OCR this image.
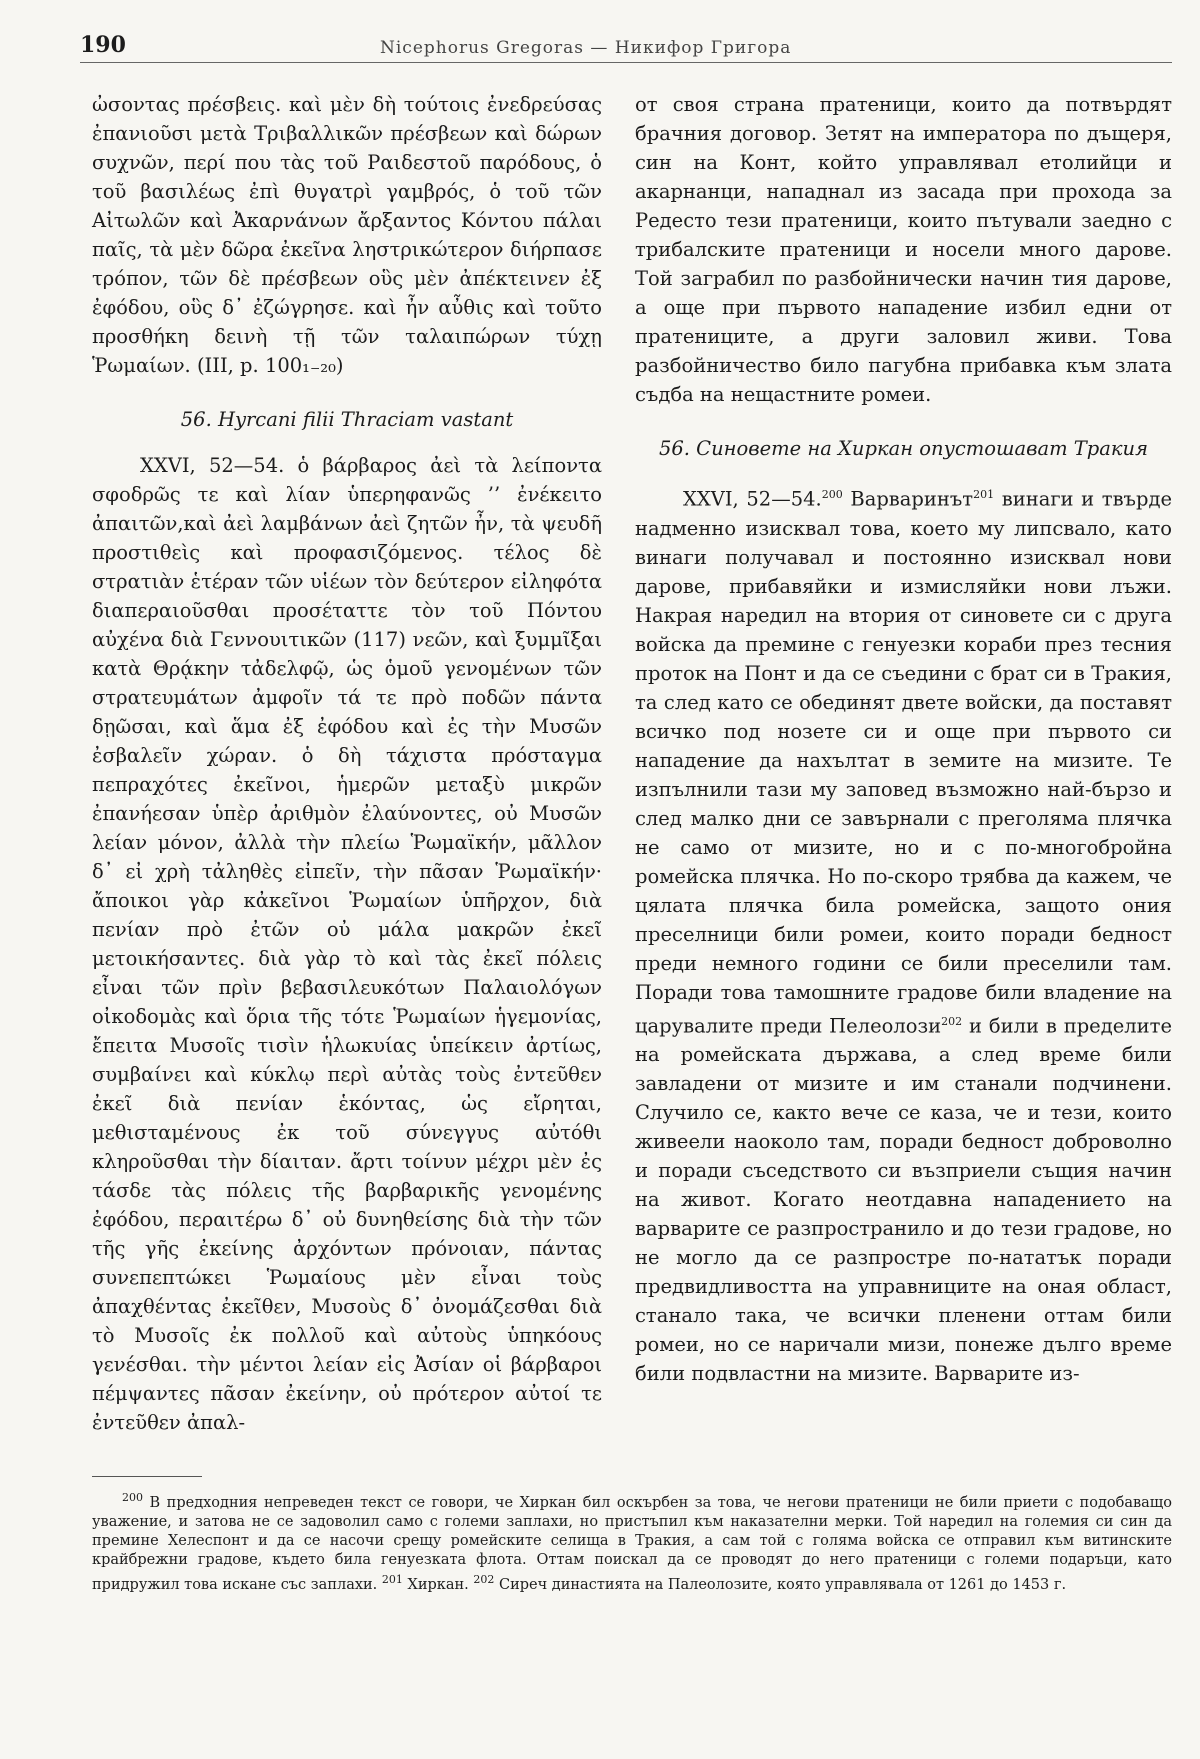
190	Nicephorus Gregoras — Никифор Григора

ὠσοντας πρέσβεις. καὶ μὲν δὴ τούτοις ἐνεδρεύσας ἐπανιοῦσι μετὰ Τριβαλλικῶν πρέσβεων καὶ δώρων συχνῶν, περί που τὰς τοῦ Ραιδεστοῦ παρόδους, ὁ τοῦ βασιλέως ἐπὶ θυγατρὶ γαμβρός, ὁ τοῦ τῶν Αἰτωλῶν καὶ Ἀκαρνάνων ἄρξαντος Κόντου πάλαι παῖς, τὰ μὲν δῶρα ἐκεῖνα ληστρικώτερον διήρπασε τρόπον, τῶν δὲ πρέσβεων οὓς μὲν ἀπέκτεινεν ἐξ ἐφόδου, οὓς δ᾽ ἐζώγρησε. καὶ ἦν αὖθις καὶ τοῦτο προσθήκη δεινὴ τῇ τῶν ταλαιπώρων τύχῃ Ῥωμαίων. (III, p. 100₁₋₂₀)

56. Hyrcani filii Thraciam vastant

XXVI, 52—54. ὁ βάρβαρος ἀεὶ τὰ λείποντα σφοδρῶς τε καὶ λίαν ὑπερηφανῶς ’’ ἐνέκειτο ἀπαιτῶν,καὶ ἀεὶ λαμβάνων ἀεὶ ζητῶν ἦν, τὰ ψευδῆ προστιθεὶς καὶ προφασιζόμενος. τέλος δὲ στρατιὰν ἑτέραν τῶν υἱέων τὸν δεύτερον εἰληφότα διαπεραιοῦσθαι προσέταττε τὸν τοῦ Πόντου αὐχένα διὰ Γεννουιτικῶν (117) νεῶν, καὶ ξυμμῖξαι κατὰ Θρᾴκην τἀδελφῷ, ὡς ὁμοῦ γενομένων τῶν στρατευμάτων ἀμφοῖν τά τε πρὸ ποδῶν πάντα δῃῶσαι, καὶ ἅμα ἐξ ἐφόδου καὶ ἐς τὴν Μυσῶν ἐσβαλεῖν χώραν. ὁ δὴ τάχιστα πρόσταγμα πεπραχότες ἐκεῖνοι, ἡμερῶν μεταξὺ μικρῶν ἐπανήεσαν ὑπὲρ ἀριθμὸν ἐλαύνοντες, οὐ Μυσῶν λείαν μόνον, ἀλλὰ τὴν πλείω Ῥωμαϊκήν, μᾶλλον δ᾽ εἰ χρὴ τἀληθὲς εἰπεῖν, τὴν πᾶσαν Ῥωμαϊκήν· ἄποικοι γὰρ κἀκεῖνοι Ῥωμαίων ὑπῆρχον, διὰ πενίαν πρὸ ἐτῶν οὐ μάλα μακρῶν ἐκεῖ μετοικήσαντες. διὰ γὰρ τὸ καὶ τὰς ἐκεῖ πόλεις εἶναι τῶν πρὶν βεβασιλευκότων Παλαιολόγων οἰκοδομὰς καὶ ὅρια τῆς τότε Ῥωμαίων ἡγεμονίας, ἔπειτα Μυσοῖς τισὶν ἡλωκυίας ὑπείκειν ἀρτίως, συμβαίνει καὶ κύκλῳ περὶ αὐτὰς τοὺς ἐντεῦθεν ἐκεῖ διὰ πενίαν ἑκόντας, ὡς εἴρηται, μεθισταμένους ἐκ τοῦ σύνεγγυς αὐτόθι κληροῦσθαι τὴν δίαιταν. ἄρτι τοίνυν μέχρι μὲν ἐς τάσδε τὰς πόλεις τῆς βαρβαρικῆς γενομένης ἐφόδου, περαιτέρω δ᾽ οὐ δυνηθείσης διὰ τὴν τῶν τῆς γῆς ἐκείνης ἀρχόντων πρόνοιαν, πάντας συνεπεπτώκει Ῥωμαίους μὲν εἶναι τοὺς ἀπαχθέντας ἐκεῖθεν, Μυσοὺς δ᾽ ὀνομάζεσθαι διὰ τὸ Μυσοῖς ἐκ πολλοῦ καὶ αὐτοὺς ὑπηκόους γενέσθαι. τὴν μέντοι λείαν εἰς Ἀσίαν οἱ βάρβαροι πέμψαντες πᾶσαν ἐκείνην, οὐ πρότερον αὐτοί τε ἐντεῦθεν ἀπαλ-

от своя страна пратеници, които да потвърдят брачния договор. Зетят на императора по дъщеря, син на Конт, който управлявал етолийци и акарнанци, нападнал из засада при прохода за Редесто тези пратеници, които пътували заедно с трибалските пратеници и носели много дарове. Той заграбил по разбойнически начин тия дарове, а още при първото нападение избил едни от пратениците, а други заловил живи. Това разбойничество било пагубна прибавка към злата съдба на нещастните ромеи.

56. Синовете на Хиркан опустошават Тракия

XXVI, 52—54.$^{200}$ Варваринът$^{201}$ винаги и твърде надменно изисквал това, което му липсвало, като винаги получавал и постоянно изисквал нови дарове, прибавяйки и измисляйки нови лъжи. Накрая наредил на втория от синовете си с друга войска да премине с генуезки кораби през тесния проток на Понт и да се съедини с брат си в Тракия, та след като се обединят двете войски, да поставят всичко под нозете си и още при първото си нападение да нахълтат в земите на мизите. Те изпълнили тази му заповед възможно най-бързо и след малко дни се завърнали с преголяма плячка не само от мизите, но и с по-многобройна ромейска плячка. Но по-скоро трябва да кажем, че цялата плячка била ромейска, защото ония преселници били ромеи, които поради бедност преди немного години се били преселили там. Поради това тамошните градове били владение на царувалите преди Пелеолози$^{202}$ и били в пределите на ромейската държава, а след време били завладени от мизите и им станали подчинени. Случило се, както вече се каза, че и тези, които живеели наоколо там, поради бедност доброволно и поради съседството си възприели същия начин на живот. Когато неотдавна нападението на варварите се разпространило и до тези градове, но не могло да се разпростре по-нататък поради предвидливостта на управниците на оная област, станало така, че всички пленени оттам били ромеи, но се наричали мизи, понеже дълго време били подвластни на мизите. Варварите из-

$^{200}$ В предходния непреведен текст се говори, че Хиркан бил оскърбен за това, че негови пратеници не били приети с подобаващо уважение, и затова не се задоволил само с големи заплахи, но пристъпил към наказателни мерки. Той наредил на големия си син да премине Хелеспонт и да се насочи срещу ромейските селища в Тракия, а сам той с голяма войска се отправил към витинските крайбрежни градове, където била генуезката флота. Оттам поискал да се проводят до него пратеници с големи подаръци, като придружил това искане със заплахи. $^{201}$ Хиркан. $^{202}$ Сиреч династията на Палеолозите, която управлявала от 1261 до 1453 г.
